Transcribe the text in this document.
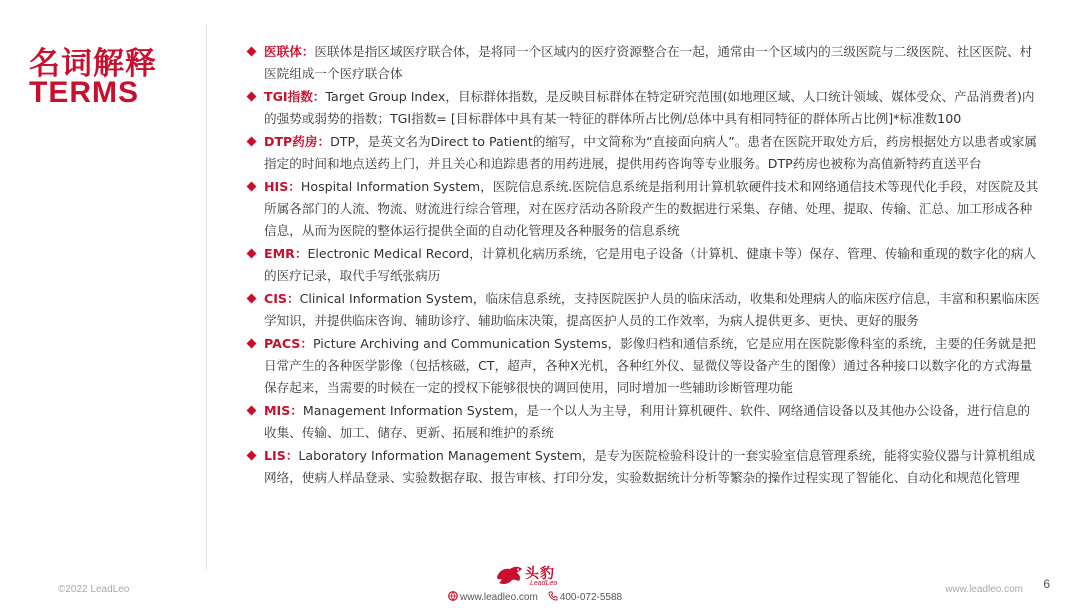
名词解释
TERMS
医联体：医联体是指区域医疗联合体，是将同一个区域内的医疗资源整合在一起，通常由一个区域内的三级医院与二级医院、社区医院、村医院组成一个医疗联合体
TGI指数：Target Group Index，目标群体指数，是反映目标群体在特定研究范围(如地理区域、人口统计领域、媒体受众、产品消费者)内的强势或弱势的指数；TGI指数= [目标群体中具有某一特征的群体所占比例/总体中具有相同特征的群体所占比例]*标准数100
DTP药房：DTP，是英文名为Direct to Patient的缩写，中文简称为“直接面向病人”。患者在医院开取处方后，药房根据处方以患者或家属指定的时间和地点送药上门，并且关心和追踪患者的用药进展，提供用药咨询等专业服务。DTP药房也被称为高值新特药直送平台
HIS：Hospital Information System，医院信息系统.医院信息系统是指利用计算机软硬件技术和网络通信技术等现代化手段，对医院及其所属各部门的人流、物流、财流进行综合管理，对在医疗活动各阶段产生的数据进行采集、存储、处理、提取、传输、汇总、加工形成各种信息，从而为医院的整体运行提供全面的自动化管理及各种服务的信息系统
EMR：Electronic Medical Record，计算机化病历系统，它是用电子设备（计算机、健康卡等）保存、管理、传输和重现的数字化的病人的医疗记录，取代手写纸张病历
CIS：Clinical Information System，临床信息系统，支持医院医护人员的临床活动，收集和处理病人的临床医疗信息，丰富和积累临床医学知识，并提供临床咨询、辅助诊疗、辅助临床决策，提高医护人员的工作效率，为病人提供更多、更快、更好的服务
PACS：Picture Archiving and Communication Systems，影像归档和通信系统，它是应用在医院影像科室的系统，主要的任务就是把日常产生的各种医学影像（包括核磁，CT，超声，各种X光机，各种红外仪、显微仪等设备产生的图像）通过各种接口以数字化的方式海量保存起来，当需要的时候在一定的授权下能够很快的调回使用，同时增加一些辅助诊断管理功能
MIS：Management Information System，是一个以人为主导，利用计算机硬件、软件、网络通信设备以及其他办公设备，进行信息的收集、传输、加工、储存、更新、拓展和维护的系统
LIS：Laboratory Information Management System，是专为医院检验科设计的一套实验室信息管理系统，能将实验仪器与计算机组成网络，使病人样品登录、实验数据存取、报告审核、打印分发，实验数据统计分析等繁杂的操作过程实现了智能化、自动化和规范化管理
©2022 LeadLeo
头豹
LeadLeo
www.leadleo.com 400-072-5588
www.leadleo.com 6
